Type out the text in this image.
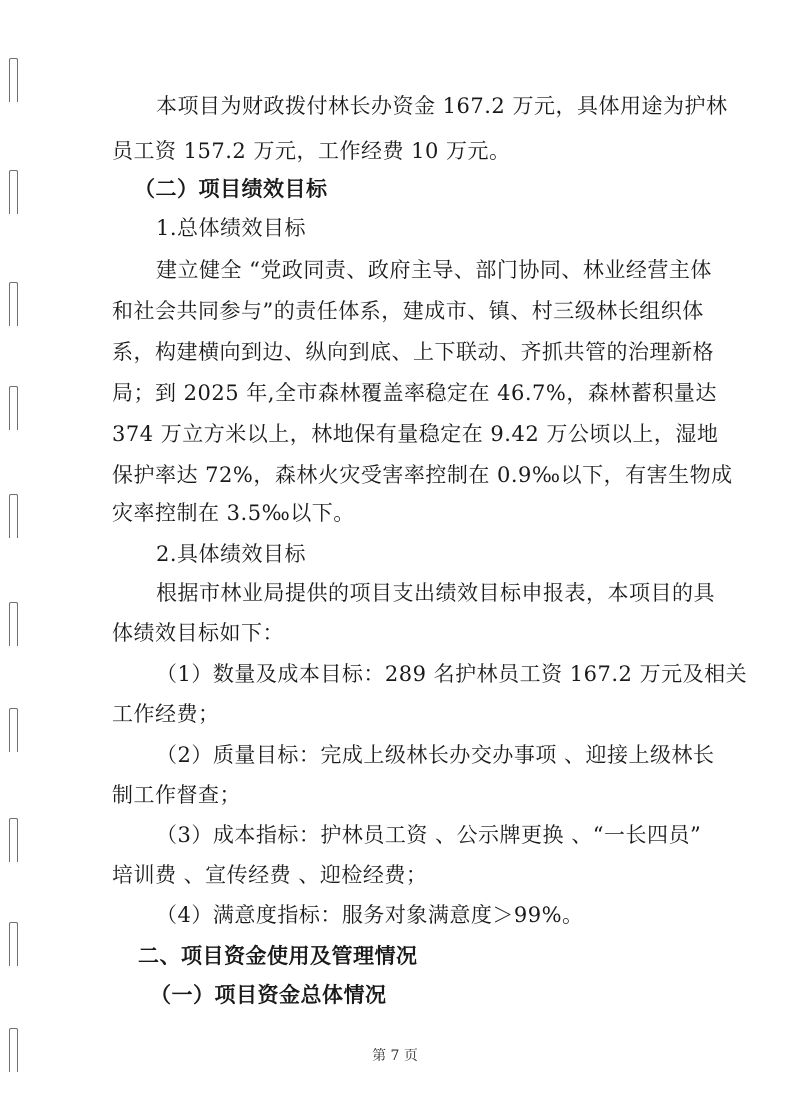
本项目为财政拨付林长办资金 167.2 万元，具体用途为护林
员工资 157.2 万元，工作经费 10 万元。
（二）项目绩效目标
1.总体绩效目标
建立健全 “党政同责、政府主导、部门协同、林业经营主体
和社会共同参与”的责任体系，建成市、镇、村三级林长组织体
系，构建横向到边、纵向到底、上下联动、齐抓共管的治理新格
局；到 2025 年,全市森林覆盖率稳定在 46.7%，森林蓄积量达
374 万立方米以上，林地保有量稳定在 9.42 万公顷以上，湿地
保护率达 72%，森林火灾受害率控制在 0.9‰以下，有害生物成
灾率控制在 3.5‰以下。
2.具体绩效目标
根据市林业局提供的项目支出绩效目标申报表，本项目的具
体绩效目标如下：
（1）数量及成本目标：289 名护林员工资 167.2 万元及相关
工作经费；
（2）质量目标：完成上级林长办交办事项 、迎接上级林长
制工作督查；
（3）成本指标：护林员工资 、公示牌更换 、“一长四员”
培训费 、宣传经费 、迎检经费；
（4）满意度指标：服务对象满意度＞99%。
二、项目资金使用及管理情况
（一）项目资金总体情况
第 7 页
